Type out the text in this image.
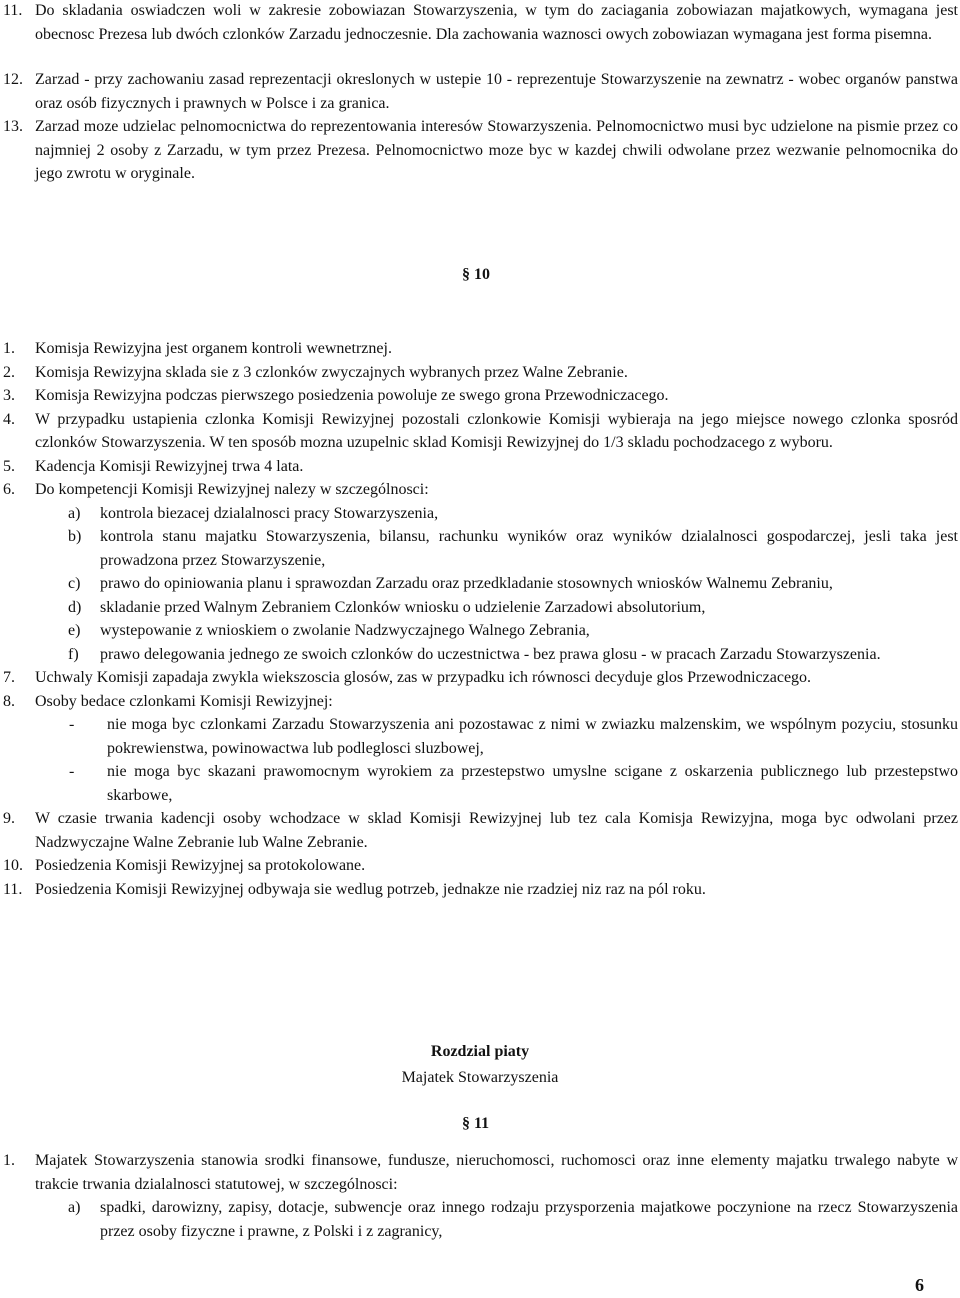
11. Do skladania oswiadczen woli w zakresie zobowiazan Stowarzyszenia, w tym do zaciagania zobowiazan majatkowych, wymagana jest obecnosc Prezesa lub dwóch czlonków Zarzadu jednoczesnie. Dla zachowania waznosci owych zobowiazan wymagana jest forma pisemna.
12. Zarzad - przy zachowaniu zasad reprezentacji okreslonych w ustepie 10 - reprezentuje Stowarzyszenie na zewnatrz - wobec organów panstwa oraz osób fizycznych i prawnych w Polsce i za granica.
13. Zarzad moze udzielac pelnomocnictwa do reprezentowania interesów Stowarzyszenia. Pelnomocnictwo musi byc udzielone na pismie przez co najmniej 2 osoby z Zarzadu, w tym przez Prezesa. Pelnomocnictwo moze byc w kazdej chwili odwolane przez wezwanie pelnomocnika do jego zwrotu w oryginale.
§ 10
1. Komisja Rewizyjna jest organem kontroli wewnetrznej.
2. Komisja Rewizyjna sklada sie z 3 czlonków zwyczajnych wybranych przez Walne Zebranie.
3. Komisja Rewizyjna podczas pierwszego posiedzenia powoluje ze swego grona Przewodniczacego.
4. W przypadku ustapienia czlonka Komisji Rewizyjnej pozostali czlonkowie Komisji wybieraja na jego miejsce nowego czlonka sposród czlonków Stowarzyszenia. W ten sposób mozna uzupelnic sklad Komisji Rewizyjnej do 1/3 skladu pochodzacego z wyboru.
5. Kadencja Komisji Rewizyjnej trwa 4 lata.
6. Do kompetencji Komisji Rewizyjnej nalezy w szczególnosci:
a) kontrola biezacej dzialalnosci pracy Stowarzyszenia,
b) kontrola stanu majatku Stowarzyszenia, bilansu, rachunku wyników oraz wyników dzialalnosci gospodarczej, jesli taka jest prowadzona przez Stowarzyszenie,
c) prawo do opiniowania planu i sprawozdan Zarzadu oraz przedkladanie stosownych wniosków Walnemu Zebraniu,
d) skladanie przed Walnym Zebraniem Czlonków wniosku o udzielenie Zarzadowi absolutorium,
e) wystepowanie z wnioskiem o zwolanie Nadzwyczajnego Walnego Zebrania,
f) prawo delegowania jednego ze swoich czlonków do uczestnictwa - bez prawa glosu - w pracach Zarzadu Stowarzyszenia.
7. Uchwaly Komisji zapadaja zwykla wiekszoscia glosów, zas w przypadku ich równosci decyduje glos Przewodniczacego.
8. Osoby bedace czlonkami Komisji Rewizyjnej:
- nie moga byc czlonkami Zarzadu Stowarzyszenia ani pozostawac z nimi w zwiazku malzenskim, we wspólnym pozyciu, stosunku pokrewienstwa, powinowactwa lub podleglosci sluzbowej,
- nie moga byc skazani prawomocnym wyrokiem za przestepstwo umyslne scigane z oskarzenia publicznego lub przestepstwo skarbowe,
9. W czasie trwania kadencji osoby wchodzace w sklad Komisji Rewizyjnej lub tez cala Komisja Rewizyjna, moga byc odwolani przez Nadzwyczajne Walne Zebranie lub Walne Zebranie.
10. Posiedzenia Komisji Rewizyjnej sa protokolowane.
11. Posiedzenia Komisji Rewizyjnej odbywaja sie wedlug potrzeb, jednakze nie rzadziej niz raz na pól roku.
Rozdzial piaty
Majatek Stowarzyszenia
§ 11
1. Majatek Stowarzyszenia stanowia srodki finansowe, fundusze, nieruchomosci, ruchomosci oraz inne elementy majatku trwalego nabyte w trakcie trwania dzialalnosci statutowej, w szczególnosci:
a) spadki, darowizny, zapisy, dotacje, subwencje oraz innego rodzaju przysporzenia majatkowe poczynione na rzecz Stowarzyszenia przez osoby fizyczne i prawne, z Polski i z zagranicy,
6
